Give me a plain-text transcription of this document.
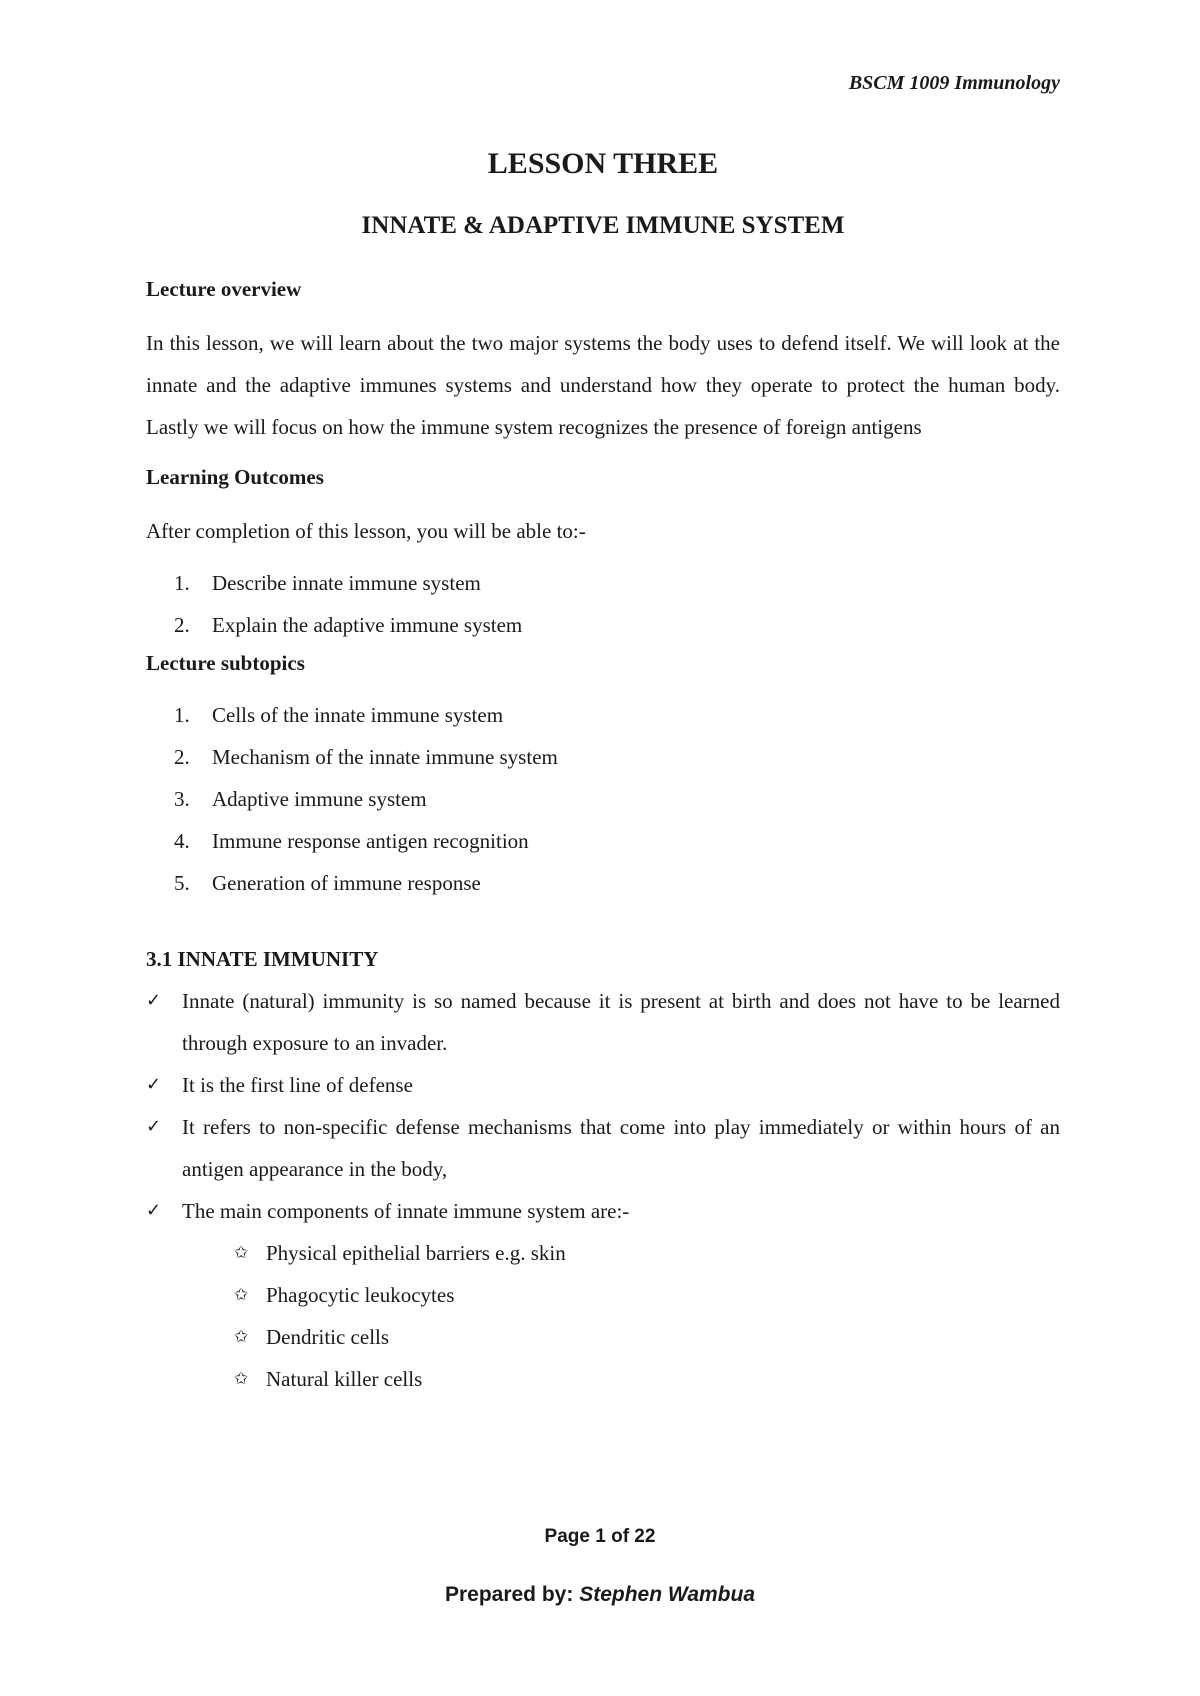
BSCM 1009 Immunology
LESSON THREE
INNATE & ADAPTIVE IMMUNE SYSTEM
Lecture overview

In this lesson, we will learn about the two major systems the body uses to defend itself. We will look at the innate and the adaptive immunes systems and understand how they operate to protect the human body. Lastly we will focus on how the immune system recognizes the presence of foreign antigens

Learning Outcomes

After completion of this lesson, you will be able to:-

1. Describe innate immune system
2. Explain the adaptive immune system
Lecture subtopics
1. Cells of the innate immune system
2. Mechanism of the innate immune system
3. Adaptive immune system
4. Immune response antigen recognition
5. Generation of immune response
3.1 INNATE IMMUNITY
✓ Innate (natural) immunity is so named because it is present at birth and does not have to be learned through exposure to an invader.
✓ It is the first line of defense
✓ It refers to non-specific defense mechanisms that come into play immediately or within hours of an antigen appearance in the body,
✓ The main components of innate immune system are:-
✩ Physical epithelial barriers e.g. skin
✩ Phagocytic leukocytes
✩ Dendritic cells
✩ Natural killer cells
Page 1 of 22
Prepared by: Stephen Wambua
